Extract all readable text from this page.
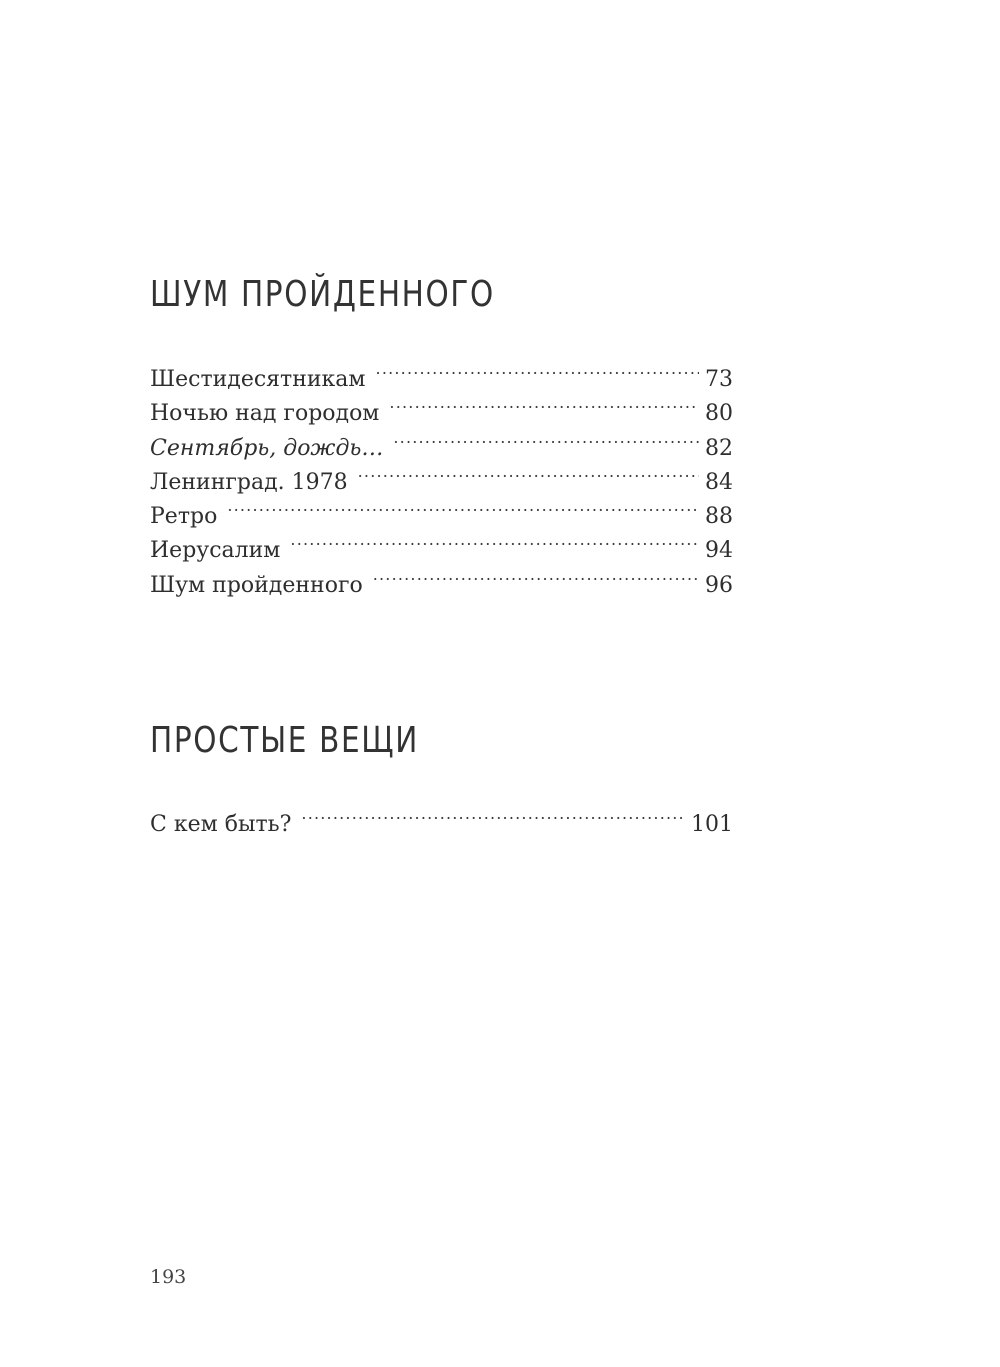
ШУМ ПРОЙДЕННОГО
Шестидесятникам .....	73
Ночью над городом .....	80
Сентябрь, дождь… .....	82
Ленинград. 1978 .....	84
Ретро .....	88
Иерусалим .....	94
Шум пройденного .....	96
ПРОСТЫЕ ВЕЩИ
С кем быть? .....	101
193
